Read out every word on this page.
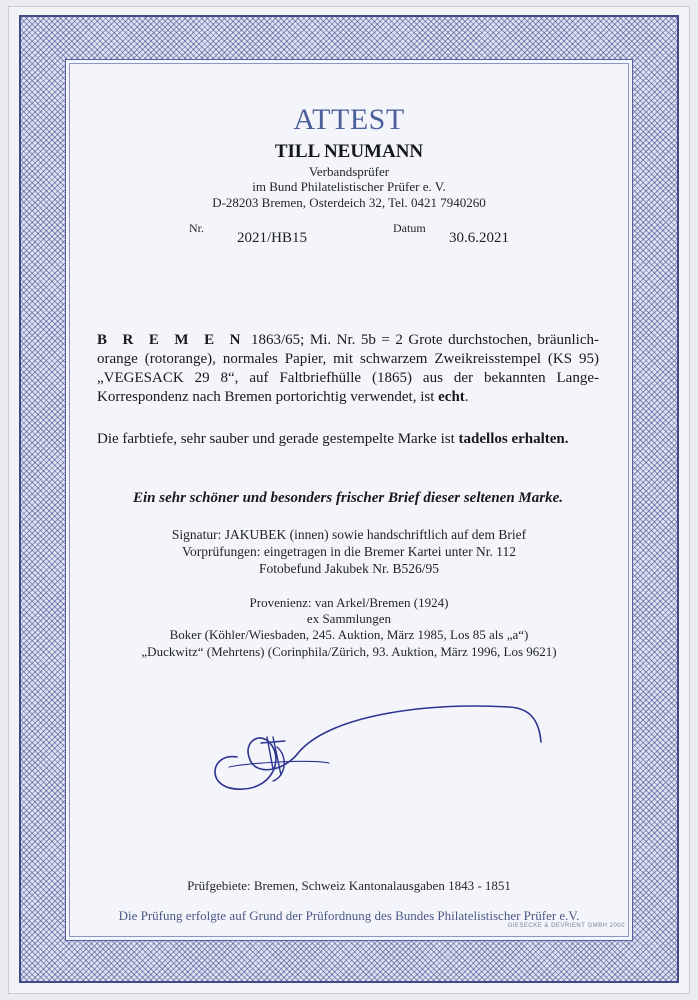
ATTEST
TILL NEUMANN
Verbandsprüfer
im Bund Philatelistischer Prüfer e. V.
D-28203 Bremen, Osterdeich 32, Tel. 0421 7940260
Nr.
2021/HB15
Datum
30.6.2021
B R E M E N 1863/65; Mi. Nr. 5b = 2 Grote durchstochen, bräunlich-orange (rotorange), normales Papier, mit schwarzem Zweikreisstempel (KS 95) „VEGESACK 29 8“, auf Faltbriefhülle (1865) aus der bekannten Lange-Korrespondenz nach Bremen portorichtig verwendet, ist echt.
Die farbtiefe, sehr sauber und gerade gestempelte Marke ist tadellos erhalten.
Ein sehr schöner und besonders frischer Brief dieser seltenen Marke.
Signatur: JAKUBEK (innen) sowie handschriftlich auf dem Brief
Vorprüfungen: eingetragen in die Bremer Kartei unter Nr. 112
Fotobefund Jakubek Nr. B526/95
Provenienz: van Arkel/Bremen (1924)
ex Sammlungen
Boker (Köhler/Wiesbaden, 245. Auktion, März 1985, Los 85 als „a“)
„Duckwitz“ (Mehrtens) (Corinphila/Zürich, 93. Auktion, März 1996, Los 9621)
Prüfgebiete: Bremen, Schweiz Kantonalausgaben 1843 - 1851
Die Prüfung erfolgte auf Grund der Prüfordnung des Bundes Philatelistischer Prüfer e.V.
GIESECKE & DEVRIENT GMBH 2000
